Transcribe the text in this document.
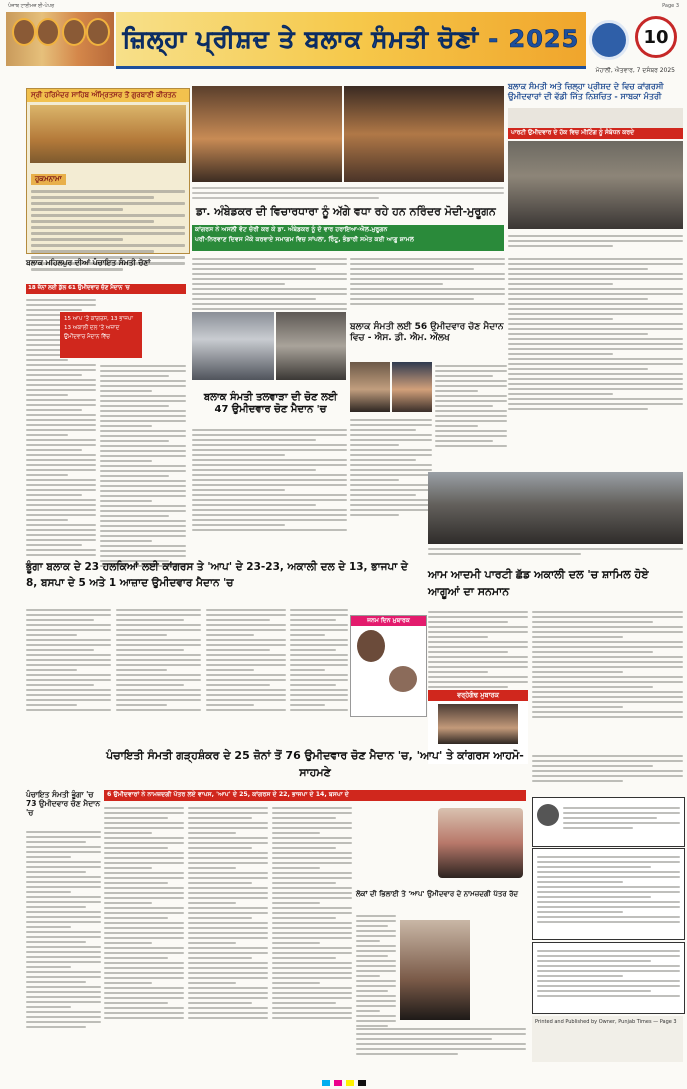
ਪੰਜਾਬ ਟਾਈਮਜ਼ ਈ-ਪੇਪਰ	Page 3
ਜ਼ਿਲ੍ਹਾ ਪ੍ਰੀਸ਼ਦ ਤੇ ਬਲਾਕ ਸੰਮਤੀ ਚੋਣਾਂ - 2025	10
ਮੋਹਾਲੀ, ਐਤਵਾਰ, 7 ਦਸੰਬਰ 2025
ਸ੍ਰੀ ਹਰਿਮੰਦਰ ਸਾਹਿਬ ਅੰਮ੍ਰਿਤਸਰ ਤੋਂ ਗੁਰਬਾਣੀ ਕੀਰਤਨ
ਹੁਕਮਨਾਮਾ
ਡਾ. ਅੰਬੇਡਕਰ ਦੀ ਵਿਚਾਰਧਾਰਾ ਨੂੰ ਅੱਗੇ ਵਧਾ ਰਹੇ ਹਨ ਨਰਿੰਦਰ ਮੋਦੀ-ਮੁਰੂਗਨ
ਕਾਂਗਰਸ ਨੇ ਅਸਲੀ ਵੋਟ ਚੋਰੀ ਕਰ ਕੇ ਡਾ. ਅੰਬੇਡਕਰ ਨੂੰ ਦੋ ਵਾਰ ਹਰਾਇਆ-ਐਲ.ਮੁਰੂਗਨ
ਪਰੀ-ਨਿਰਵਾਣ ਦਿਵਸ ਮੌਕੇ ਕਰਵਾਏ ਸਮਾਗਮ ਵਿਚ ਸਾਂਪਲਾ, ਰਿੰਟੂ, ਭੰਡਾਰੀ ਸਮੇਤ ਕਈ ਆਗੂ ਸ਼ਾਮਲ
ਬਲਾਕ ਸੰਮਤੀ ਅਤੇ ਜ਼ਿਲ੍ਹਾ ਪ੍ਰੀਸ਼ਦ ਦੇ ਵਿਚ ਕਾਂਗਰਸੀ ਉਮੀਦਵਾਰਾਂ ਦੀ ਵੱਡੀ ਜਿੱਤ ਨਿਸ਼ਚਿਤ - ਸਾਬਕਾ ਮੰਤਰੀ
ਪਾਰਟੀ ਉਮੀਦਵਾਰ ਦੇ ਹੱਕ ਵਿਚ ਮੀਟਿੰਗ ਨੂੰ ਸੰਬੋਧਨ ਕਰਦੇ
ਬਲਾਕ ਮਹਿਲਪੁਰ ਦੀਆਂ ਪੰਚਾਇਤ ਸੰਮਤੀ ਚੋਣਾਂ
18 ਜ਼ੋਨਾਂ ਲਈ ਕੁੱਲ 61 ਉਮੀਦਵਾਰ ਚੋਣ ਮੈਦਾਨ 'ਚ
15 ਆਪ 'ਤੇ ਕਾਂਗਰਸ, 13 ਭਾਜਪਾ
13 ਅਕਾਲੀ ਦਲ 'ਤੇ ਅਜ਼ਾਦ
ਉਮੀਦਵਾਰ ਮੈਦਾਨ ਵਿੱਚ
ਬਲਾਕ ਸੰਮਤੀ ਤਲਵਾੜਾ ਦੀ ਚੋਣ ਲਈ 47 ਉਮੀਦਵਾਰ ਚੋਣ ਮੈਦਾਨ 'ਚ
ਬਲਾਕ ਸੰਮਤੀ ਲਈ 56 ਉਮੀਦਵਾਰ ਚੋਣ ਮੈਦਾਨ ਵਿਚ - ਐਸ. ਡੀ. ਐਮ. ਔਲਖ
ਭੂੰਗਾ ਬਲਾਕ ਦੇ 23 ਹਲਕਿਆਂ ਲਈ ਕਾਂਗਰਸ ਤੇ 'ਆਪ' ਦੇ 23-23, ਅਕਾਲੀ ਦਲ ਦੇ 13, ਭਾਜਪਾ ਦੇ 8, ਬਸਪਾ ਦੇ 5 ਅਤੇ 1 ਆਜ਼ਾਦ ਉਮੀਦਵਾਰ ਮੈਦਾਨ 'ਚ
ਆਮ ਆਦਮੀ ਪਾਰਟੀ ਛੱਡ ਅਕਾਲੀ ਦਲ 'ਚ ਸ਼ਾਮਿਲ ਹੋਏ ਆਗੂਆਂ ਦਾ ਸਨਮਾਨ
ਜਨਮ ਦਿਨ ਮੁਬਾਰਕ
ਵਰ੍ਹੇਗੰਢ ਮੁਬਾਰਕ
ਪੰਚਾਇਤੀ ਸੰਮਤੀ ਗੜ੍ਹਸ਼ੰਕਰ ਦੇ 25 ਜ਼ੋਨਾਂ ਤੋਂ 76 ਉਮੀਦਵਾਰ ਚੋਣ ਮੈਦਾਨ 'ਚ, 'ਆਪ' ਤੇ ਕਾਂਗਰਸ ਆਹਮੋ-ਸਾਹਮਣੇ
6 ਉਮੀਦਵਾਰਾਂ ਨੇ ਨਾਮਜ਼ਦਗੀ ਪੱਤਰ ਲਏ ਵਾਪਸ, 'ਆਪ' ਦੇ 25, ਕਾਂਗਰਸ ਦੇ 22, ਭਾਜਪਾ ਦੇ 14, ਬਸਪਾ ਦੇ
ਪੰਚਾਇਤ ਸੰਮਤੀ ਭੂੰਗਾ 'ਚ 73 ਉਮੀਦਵਾਰ ਚੋਣ ਮੈਦਾਨ 'ਚ
ਲੋਕਾਂ ਦੀ ਭਿਲਾਈ ਤੇ 'ਆਪ' ਉਮੀਦਵਾਰ ਦੇ ਨਾਮਜ਼ਦਗੀ ਪੱਤਰ ਰੱਦ
Printed and Published by Owner, Punjab Times — Page 3
